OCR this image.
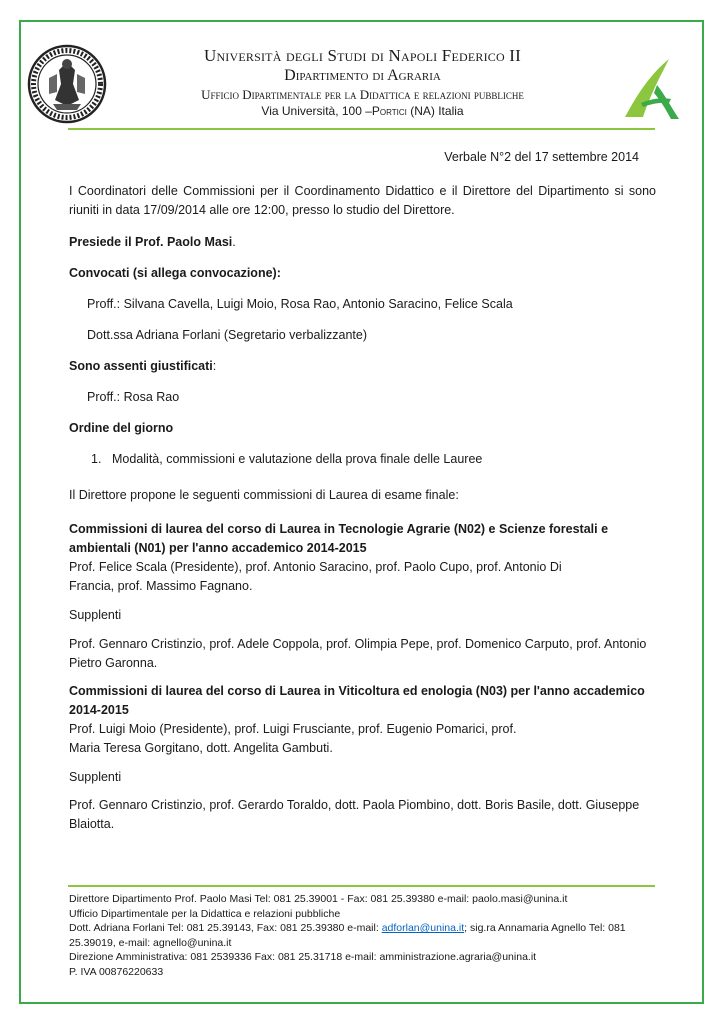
Università degli Studi di Napoli Federico II
Dipartimento di Agraria
Ufficio Dipartimentale per la Didattica e relazioni pubbliche
Via Università, 100 –Portici (NA) Italia
Verbale N°2 del 17 settembre 2014
I Coordinatori delle Commissioni per il Coordinamento Didattico e il Direttore del Dipartimento si sono riuniti in data 17/09/2014 alle ore 12:00, presso lo studio del Direttore.
Presiede il Prof. Paolo Masi.
Convocati (si allega convocazione):
Proff.: Silvana Cavella, Luigi Moio, Rosa Rao, Antonio Saracino, Felice Scala
Dott.ssa Adriana Forlani (Segretario verbalizzante)
Sono assenti giustificati:
Proff.: Rosa Rao
Ordine del giorno
1. Modalità, commissioni e valutazione della prova finale delle Lauree
Il Direttore propone le seguenti commissioni di Laurea di esame finale:
Commissioni di laurea del corso di Laurea in Tecnologie Agrarie (N02) e Scienze forestali e ambientali (N01) per l'anno accademico 2014-2015
Prof. Felice Scala (Presidente), prof. Antonio Saracino, prof. Paolo Cupo, prof. Antonio Di Francia, prof. Massimo Fagnano.
Supplenti
Prof. Gennaro Cristinzio, prof. Adele Coppola, prof. Olimpia Pepe, prof. Domenico Carputo, prof. Antonio Pietro Garonna.
Commissioni di laurea del corso di Laurea in Viticoltura ed enologia (N03) per l'anno accademico 2014-2015
Prof. Luigi Moio (Presidente), prof. Luigi Frusciante, prof. Eugenio Pomarici, prof. Maria Teresa Gorgitano, dott. Angelita Gambuti.
Supplenti
Prof. Gennaro Cristinzio, prof. Gerardo Toraldo, dott. Paola Piombino, dott. Boris Basile, dott. Giuseppe Blaiotta.
Direttore Dipartimento Prof. Paolo Masi Tel: 081 25.39001 - Fax: 081 25.39380 e-mail: paolo.masi@unina.it
Ufficio Dipartimentale per la Didattica e relazioni pubbliche
Dott. Adriana Forlani Tel: 081 25.39143, Fax: 081 25.39380 e-mail: adforlan@unina.it; sig.ra Annamaria Agnello Tel: 081 25.39019, e-mail: agnello@unina.it
Direzione Amministrativa: 081 2539336 Fax: 081 25.31718 e-mail: amministrazione.agraria@unina.it
P. IVA 00876220633
